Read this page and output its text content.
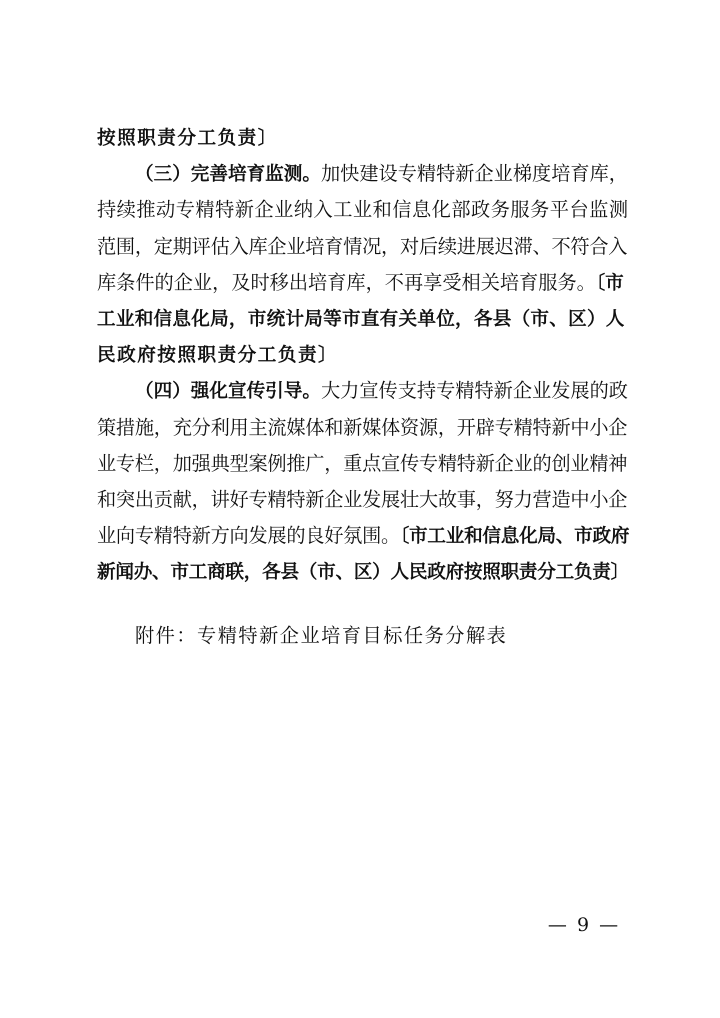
按照职责分工负责〕
（三）完善培育监测。加快建设专精特新企业梯度培育库，
持续推动专精特新企业纳入工业和信息化部政务服务平台监测
范围，定期评估入库企业培育情况，对后续进展迟滞、不符合入
库条件的企业，及时移出培育库，不再享受相关培育服务。〔市
工业和信息化局，市统计局等市直有关单位，各县（市、区）人
民政府按照职责分工负责〕
（四）强化宣传引导。大力宣传支持专精特新企业发展的政
策措施，充分利用主流媒体和新媒体资源，开辟专精特新中小企
业专栏，加强典型案例推广，重点宣传专精特新企业的创业精神
和突出贡献，讲好专精特新企业发展壮大故事，努力营造中小企
业向专精特新方向发展的良好氛围。〔市工业和信息化局、市政府
新闻办、市工商联，各县（市、区）人民政府按照职责分工负责〕
附件：专精特新企业培育目标任务分解表
— 9 —
